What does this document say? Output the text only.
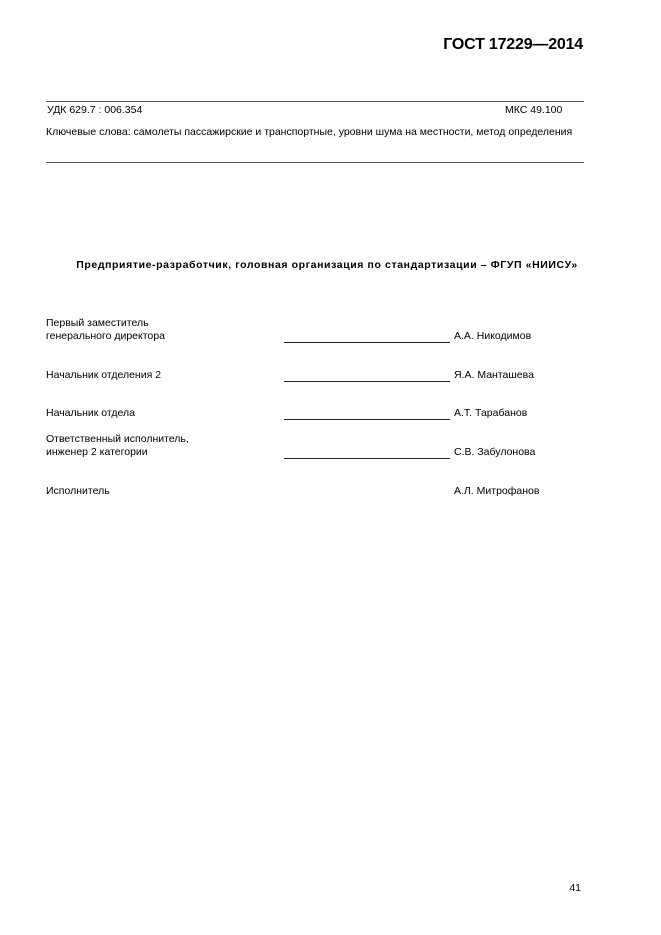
ГОСТ 17229—2014
УДК 629.7 : 006.354	МКС 49.100
Ключевые слова: самолеты пассажирские и транспортные, уровни шума на местности, метод определения
Предприятие-разработчик, головная организация по стандартизации – ФГУП «НИИСУ»
Первый заместитель
генерального директора	А.А. Никодимов
Начальник отделения 2	Я.А. Манташева
Начальник отдела	А.Т. Тарабанов
Ответственный исполнитель,
инженер 2 категории	С.В. Забулонова
Исполнитель	А.Л. Митрофанов
41
